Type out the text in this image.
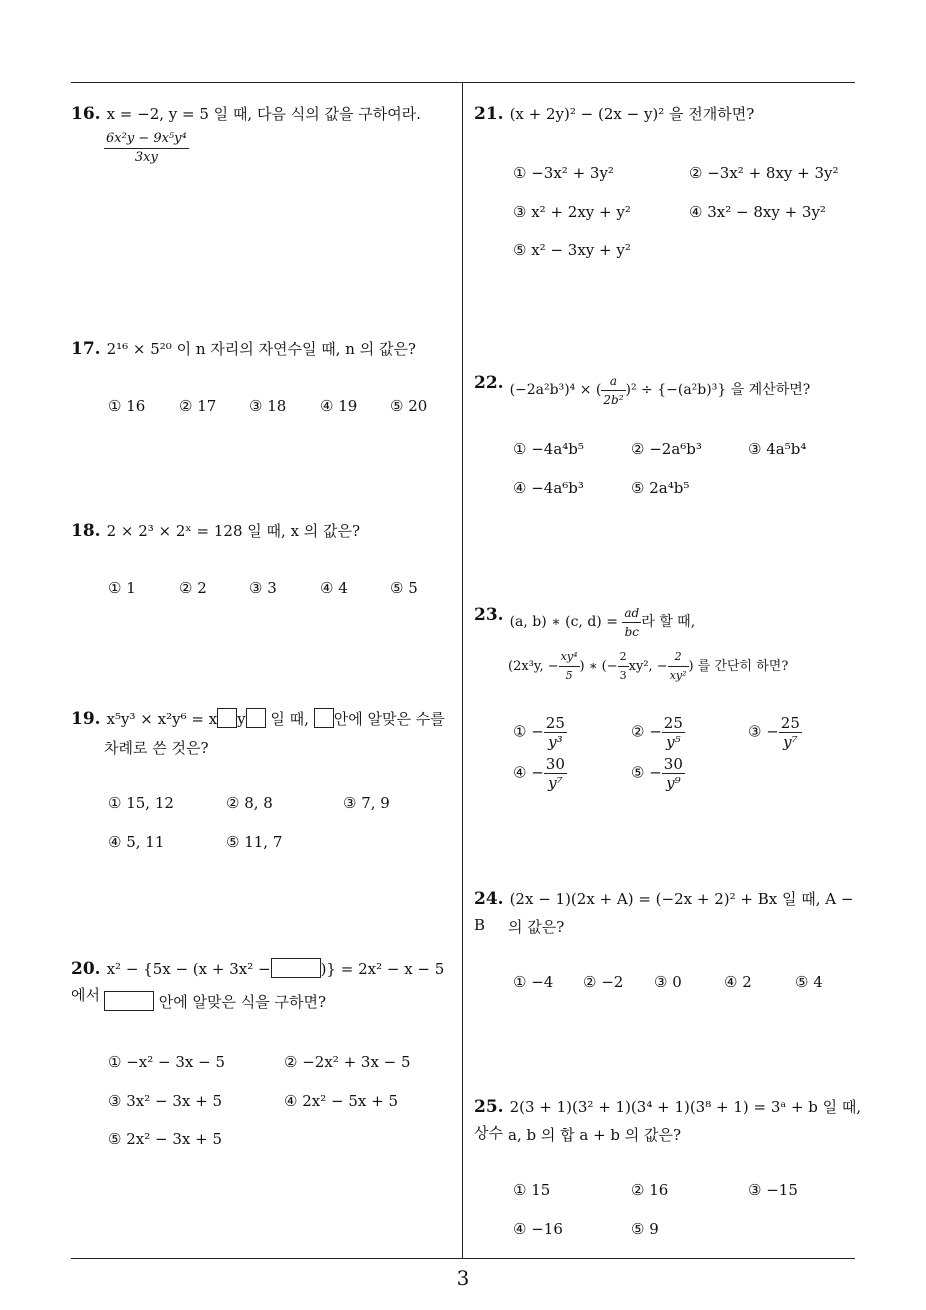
16. x = −2, y = 5 일 때, 다음 식의 값을 구하여라.
$\frac{\text{6x²y − 9x⁵y⁴}}{3xy}$
17. 2¹⁶ × 5²⁰ 이 n 자리의 자연수일 때, n 의 값은?
① 16 ② 17 ③ 18 ④ 19 ⑤ 20
18. 2 × 2³ × 2ˣ = 128 일 때, x 의 값은?
① 1	② 2	③ 3	④ 4	⑤ 5
19. x⁵y³ × x²y⁶ = x y 일 때, 안에 알맞은 수를
차례로 쓴 것은?
① 15, 12	② 8, 8	③ 7, 9
④ 5, 11	⑤ 11, 7
20. x² − {5x − (x + 3x² −	)} = 2x² − x − 5 에서	안에 알맞은 식을 구하면?
① −x² − 3x − 5	② −2x² + 3x − 5
③ 3x² − 3x + 5	④ 2x² − 5x + 5
⑤ 2x² − 3x + 5
21. (x + 2y)² − (2x − y)² 을 전개하면?
① −3x² + 3y²	② −3x² + 8xy + 3y²
③ x² + 2xy + y²	④ 3x² − 8xy + 3y²
⑤ x² − 3xy + y²
22. (−2a²b³)⁴ × ( $\frac{a}{\text{2b²}} )^2 \div \{-(a^2b)^3\}$ 을 계산하면?
① −4a⁴b⁵	② −2a⁶b³	③ 4a⁵b⁴
④ −4a⁶b³	⑤ 2a⁴b⁵
23. (a, b) ∗ (c, $d) = \frac{ad}{bc}$ 라 할 때,
(2x³y, − $\frac{\text{xy⁴}}{5}$ ) ∗ (− $\frac{2}{3} xy^2$, − $\frac{2}{\text{xy²}}$ ) 를 간단히 하면?
① − $\frac{25}{\text{y³}}$	② − $\frac{25}{\text{y⁵}}$	③ − $\frac{25}{\text{y⁷}}$
④ − $\frac{30}{\text{y⁷}}$	⑤ − $\frac{30}{\text{y⁹}}$
24. (2x − 1)(2x + A) = (−2x + 2)² + Bx 일 때, A − B	의 값은?
① −4 ② −2 ③ 0	④ 2	⑤ 4
25. 2(3 + 1)(3² + 1)(3⁴ + 1)(3⁸ + 1) = 3ᵃ + b 일 때, 상수 a, b 의 합 a + b 의 값은?
① 15	② 16	③ −15
④ −16	⑤ 9
3
